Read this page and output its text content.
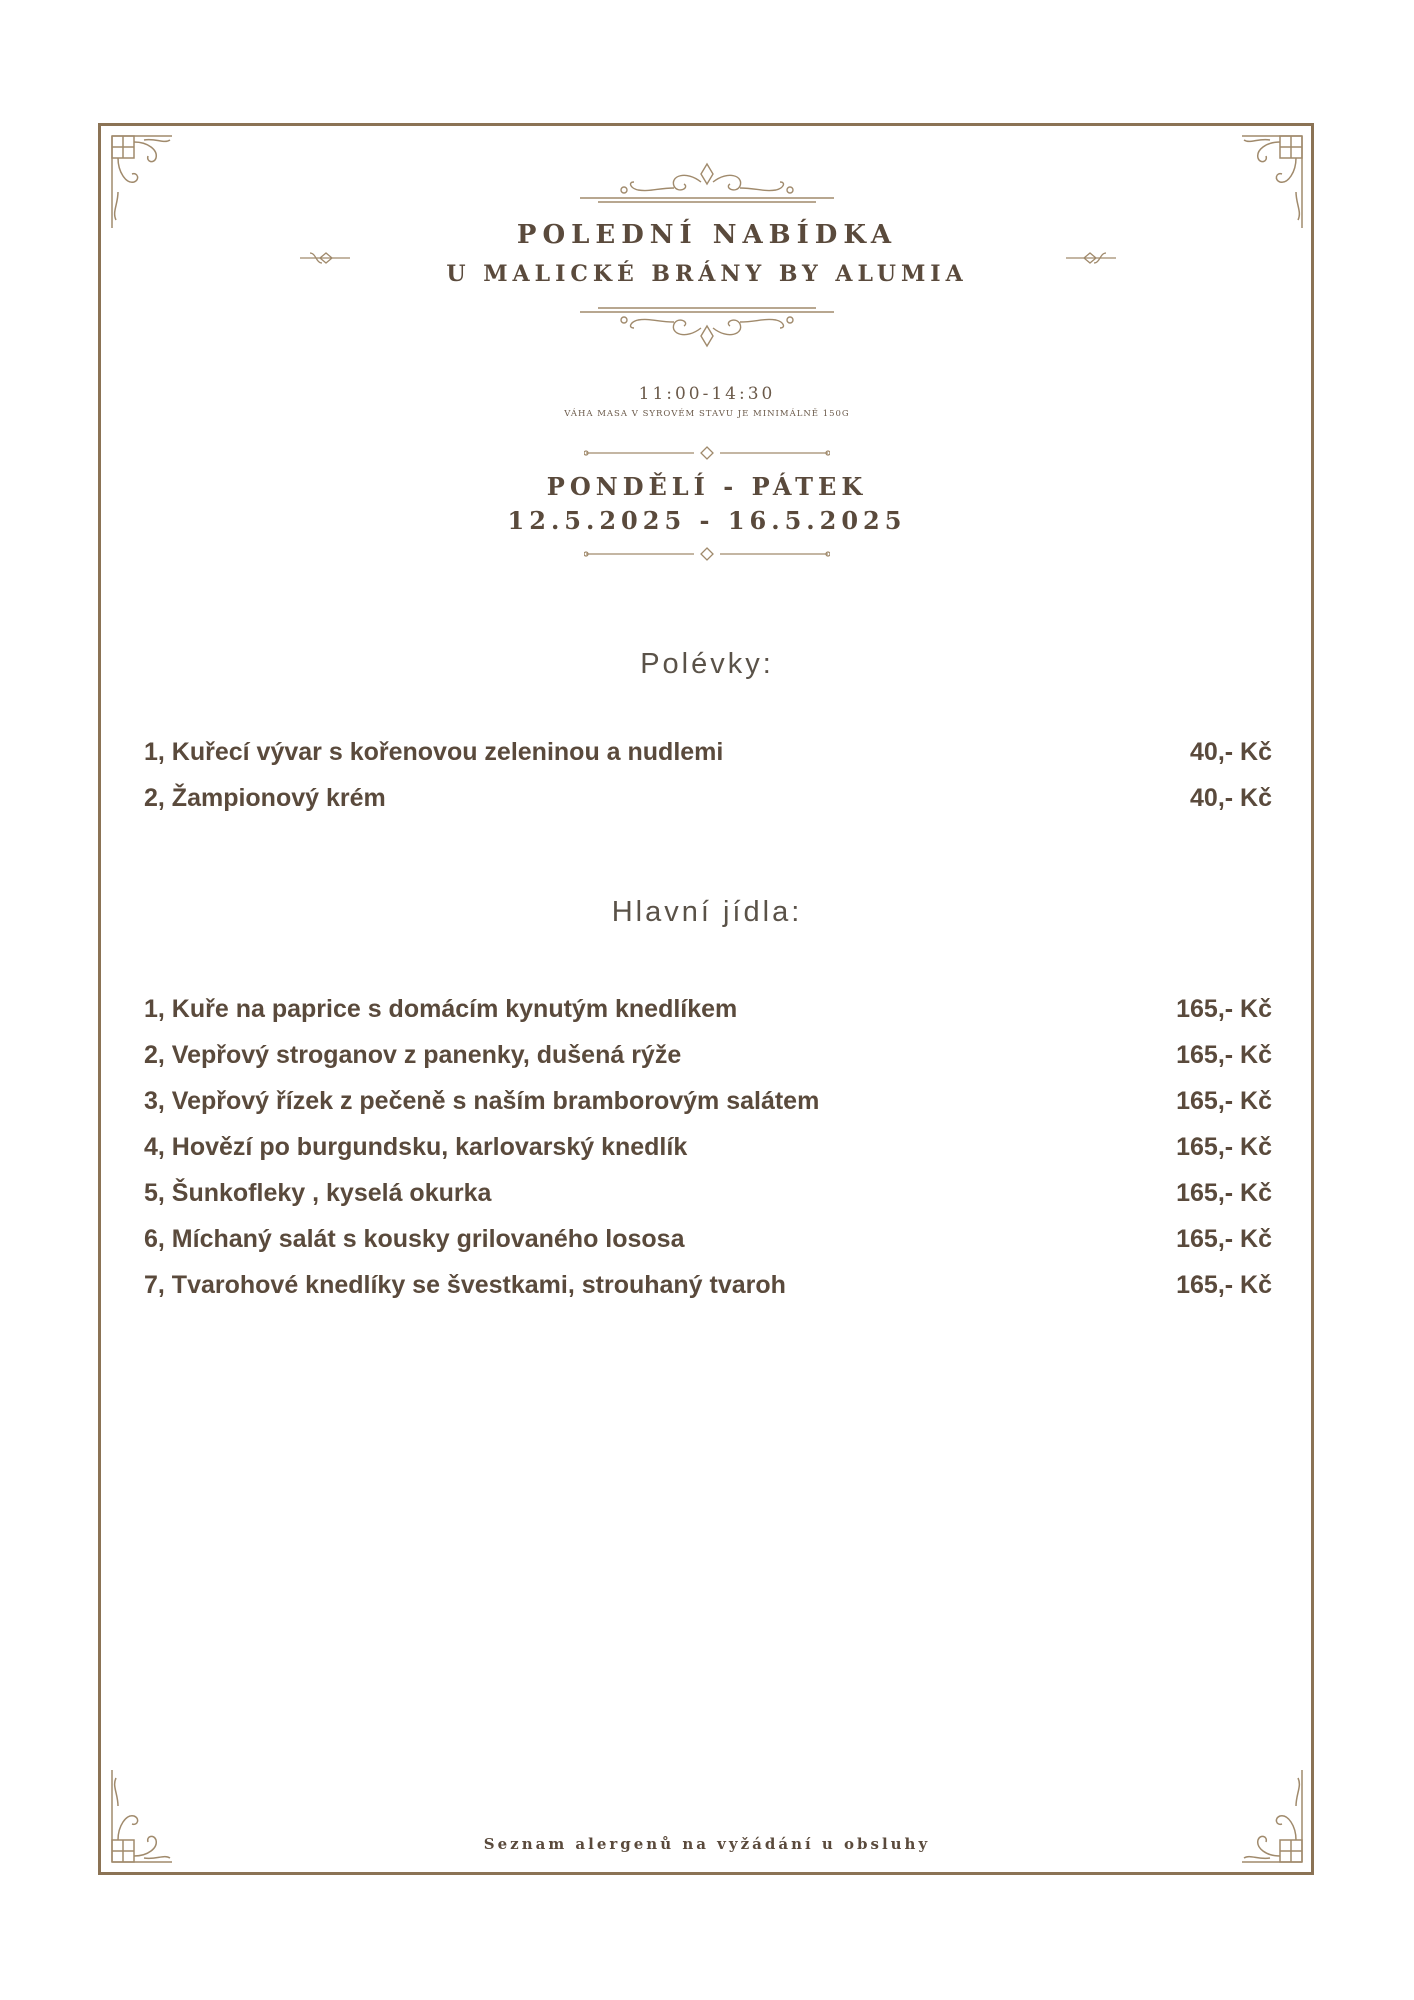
POLEDNÍ NABÍDKA
U MALICKÉ BRÁNY BY ALUMIA

11:00-14:30

VÁHA MASA V SYROVÉM STAVU JE MINIMÁLNĚ 150G

PONDĚLÍ - PÁTEK

12.5.2025 - 16.5.2025

Polévky:
1, Kuřecí vývar s kořenovou zeleninou a nudlemi	40,- Kč
2, Žampionový krém	40,- Kč
Hlavní jídla:
1, Kuře na paprice s domácím kynutým knedlíkem	165,- Kč
2, Vepřový stroganov z panenky, dušená rýže	165,- Kč
3, Vepřový řízek z pečeně s naším bramborovým salátem	165,- Kč
4, Hovězí po burgundsku, karlovarský knedlík	165,- Kč
5, Šunkofleky , kyselá okurka	165,- Kč
6, Míchaný salát s kousky grilovaného lososa	165,- Kč
7, Tvarohové knedlíky se švestkami, strouhaný tvaroh	165,- Kč

Seznam alergenů na vyžádání u obsluhy
